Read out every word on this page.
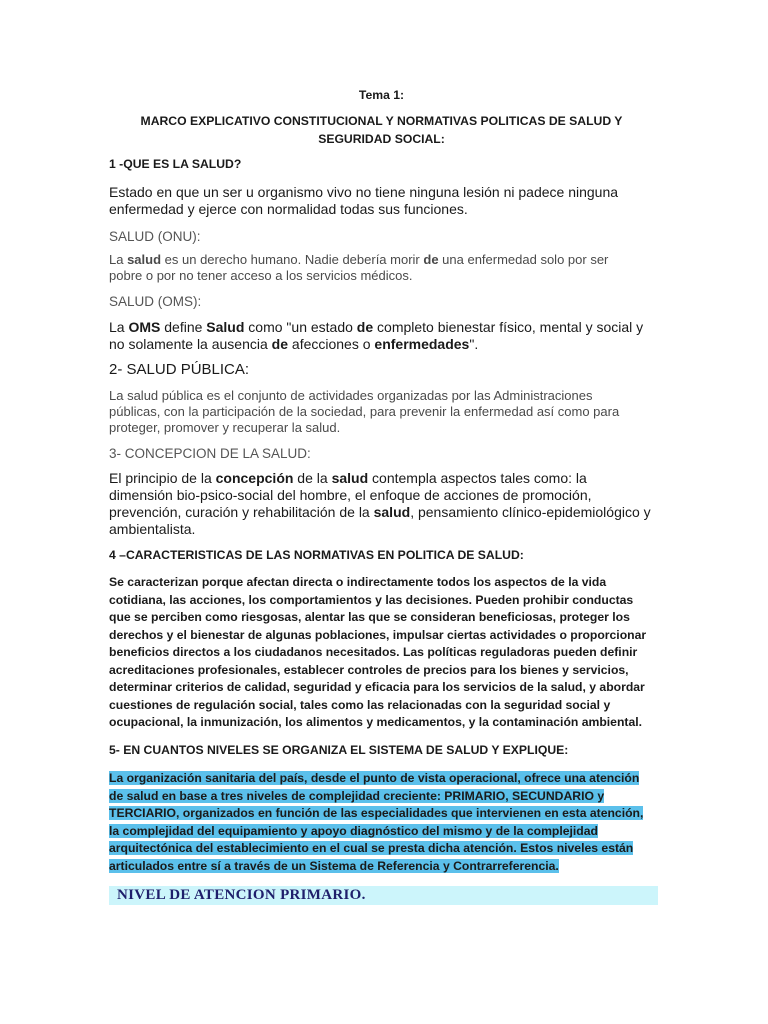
Tema 1:

MARCO EXPLICATIVO CONSTITUCIONAL Y NORMATIVAS POLITICAS DE SALUD Y SEGURIDAD SOCIAL:

1 -QUE ES LA SALUD?

Estado en que un ser u organismo vivo no tiene ninguna lesión ni padece ninguna enfermedad y ejerce con normalidad todas sus funciones.

SALUD (ONU):

La salud es un derecho humano. Nadie debería morir de una enfermedad solo por ser pobre o por no tener acceso a los servicios médicos.

SALUD (OMS):

La OMS define Salud como "un estado de completo bienestar físico, mental y social y no solamente la ausencia de afecciones o enfermedades".

2- SALUD PÚBLICA:

La salud pública es el conjunto de actividades organizadas por las Administraciones públicas, con la participación de la sociedad, para prevenir la enfermedad así como para proteger, promover y recuperar la salud.

3- CONCEPCION DE LA SALUD:

El principio de la concepción de la salud contempla aspectos tales como: la dimensión bio-psico-social del hombre, el enfoque de acciones de promoción, prevención, curación y rehabilitación de la salud, pensamiento clínico-epidemiológico y ambientalista.

4 –CARACTERISTICAS DE LAS NORMATIVAS EN POLITICA DE SALUD:

Se caracterizan porque afectan directa o indirectamente todos los aspectos de la vida cotidiana, las acciones, los comportamientos y las decisiones. Pueden prohibir conductas que se perciben como riesgosas, alentar las que se consideran beneficiosas, proteger los derechos y el bienestar de algunas poblaciones, impulsar ciertas actividades o proporcionar beneficios directos a los ciudadanos necesitados. Las políticas reguladoras pueden definir acreditaciones profesionales, establecer controles de precios para los bienes y servicios, determinar criterios de calidad, seguridad y eficacia para los servicios de la salud, y abordar cuestiones de regulación social, tales como las relacionadas con la seguridad social y ocupacional, la inmunización, los alimentos y medicamentos, y la contaminación ambiental.

5- EN CUANTOS NIVELES SE ORGANIZA EL SISTEMA DE SALUD Y EXPLIQUE:

La organización sanitaria del país, desde el punto de vista operacional, ofrece una atención de salud en base a tres niveles de complejidad creciente: PRIMARIO, SECUNDARIO y TERCIARIO, organizados en función de las especialidades que intervienen en esta atención, la complejidad del equipamiento y apoyo diagnóstico del mismo y de la complejidad arquitectónica del establecimiento en el cual se presta dicha atención. Estos niveles están articulados entre sí a través de un Sistema de Referencia y Contrarreferencia.

NIVEL DE ATENCION PRIMARIO.
